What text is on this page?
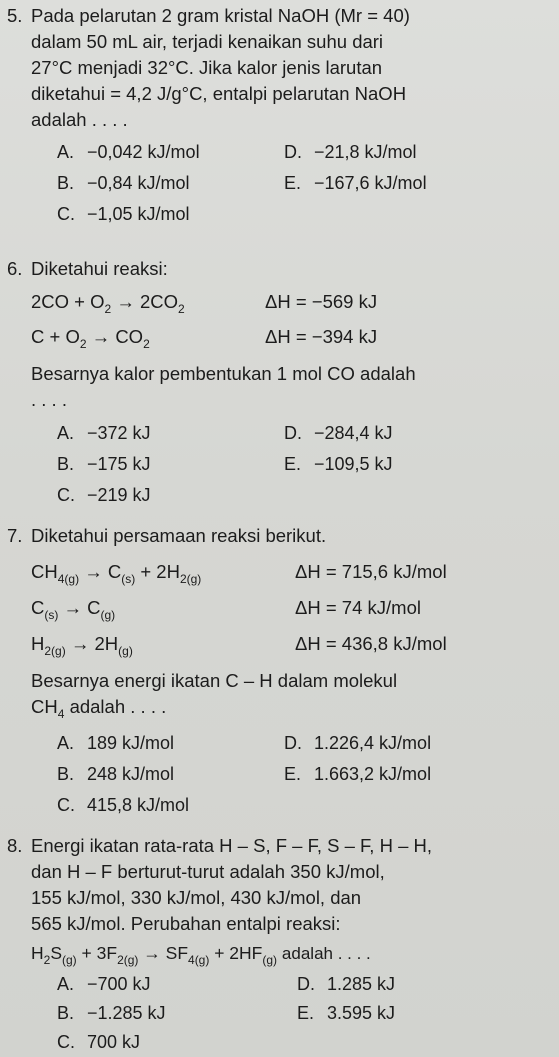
5. Pada pelarutan 2 gram kristal NaOH (Mr = 40)
dalam 50 mL air, terjadi kenaikan suhu dari
27°C menjadi 32°C. Jika kalor jenis larutan
diketahui = 4,2 J/g°C, entalpi pelarutan NaOH
adalah . . . .
A. −0,042 kJ/mol
B. −0,84 kJ/mol
C. −1,05 kJ/mol
D. −21,8 kJ/mol
E. −167,6 kJ/mol
6. Diketahui reaksi:
$2CO + O_2 \to 2CO_2$	ΔH = −569 kJ
$C + O_2 \to CO_2$	ΔH = −394 kJ
Besarnya kalor pembentukan 1 mol CO adalah
. . . .
A. −372 kJ
B. −175 kJ
C. −219 kJ
D. −284,4 kJ
E. −109,5 kJ
7. Diketahui persamaan reaksi berikut.
$CH_{4(g)} \to C_{(s)} + 2H_{2(g)}$	ΔH = 715,6 kJ/mol
$C_{(s)} \to C_{(g)}$	ΔH = 74 kJ/mol
$H_{2(g)} \to 2H_{(g)}$	ΔH = 436,8 kJ/mol
Besarnya energi ikatan C – H dalam molekul
$CH_4$ adalah . . . .
A. 189 kJ/mol
B. 248 kJ/mol
C. 415,8 kJ/mol
D. 1.226,4 kJ/mol
E. 1.663,2 kJ/mol
8. Energi ikatan rata-rata H – S, F – F, S – F, H – H,
dan H – F berturut-turut adalah 350 kJ/mol,
155 kJ/mol, 330 kJ/mol, 430 kJ/mol, dan
565 kJ/mol. Perubahan entalpi reaksi:
$H_2S_{(g)} + 3F_{2(g)} \to SF_{4(g)} + 2HF_{(g)}$ adalah . . . .
A. −700 kJ
B. −1.285 kJ
C. 700 kJ
D. 1.285 kJ
E. 3.595 kJ
